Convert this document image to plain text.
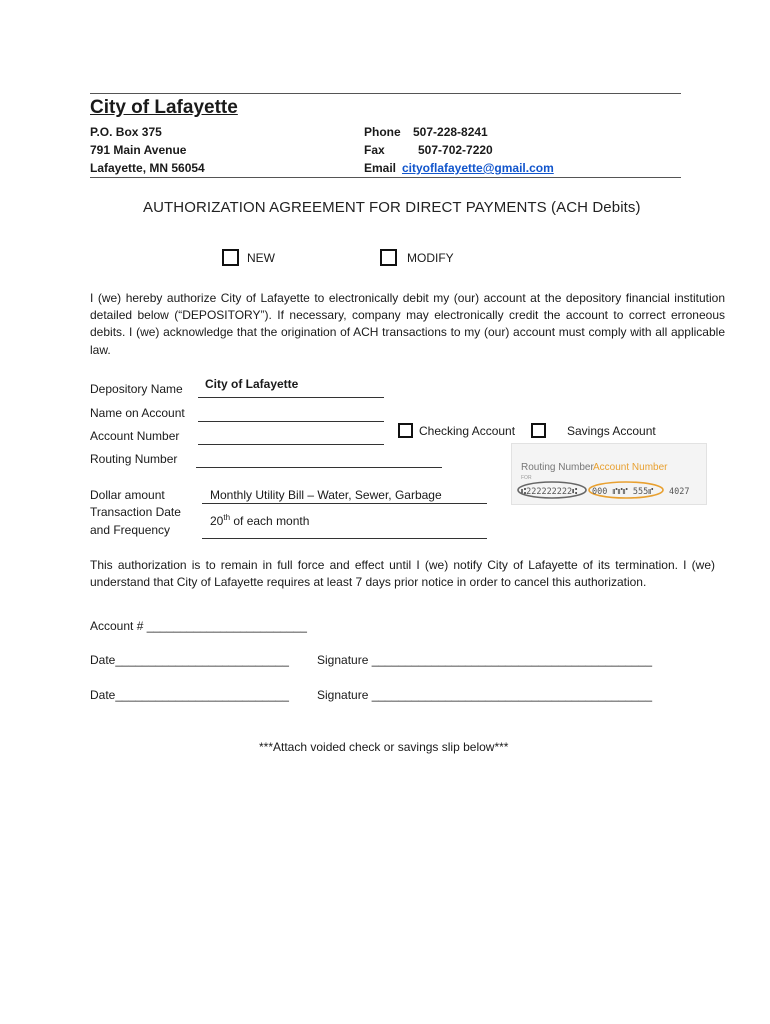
City of Lafayette
P.O. Box 375
791 Main Avenue
Lafayette, MN 56054
Phone 507-228-8241
Fax	507-702-7220
Email cityoflafayette@gmail.com
AUTHORIZATION AGREEMENT FOR DIRECT PAYMENTS (ACH Debits)
NEW	MODIFY
I (we) hereby authorize City of Lafayette to electronically debit my (our) account at the depository financial institution detailed below (“DEPOSITORY”). If necessary, company may electronically credit the account to correct erroneous debits. I (we) acknowledge that the origination of ACH transactions to my (our) account must comply with all applicable law.
Depository Name City of Lafayette
Name on Account
Account Number	Checking Account	Savings Account
Routing Number
Routing Number Account Number
FOR
⑆222222222⑆ 000 ⑈⑈⑈ 555⑈ 4027
Dollar amount	Monthly Utility Bill – Water, Sewer, Garbage
Transaction Date
and Frequency
20th of each month
This authorization is to remain in full force and effect until I (we) notify City of Lafayette of its termination. I (we) understand that City of Lafayette requires at least 7 days prior notice in order to cancel this authorization.
Account # ________________________
Date__________________________ Signature __________________________________________
Date__________________________ Signature __________________________________________
***Attach voided check or savings slip below***
